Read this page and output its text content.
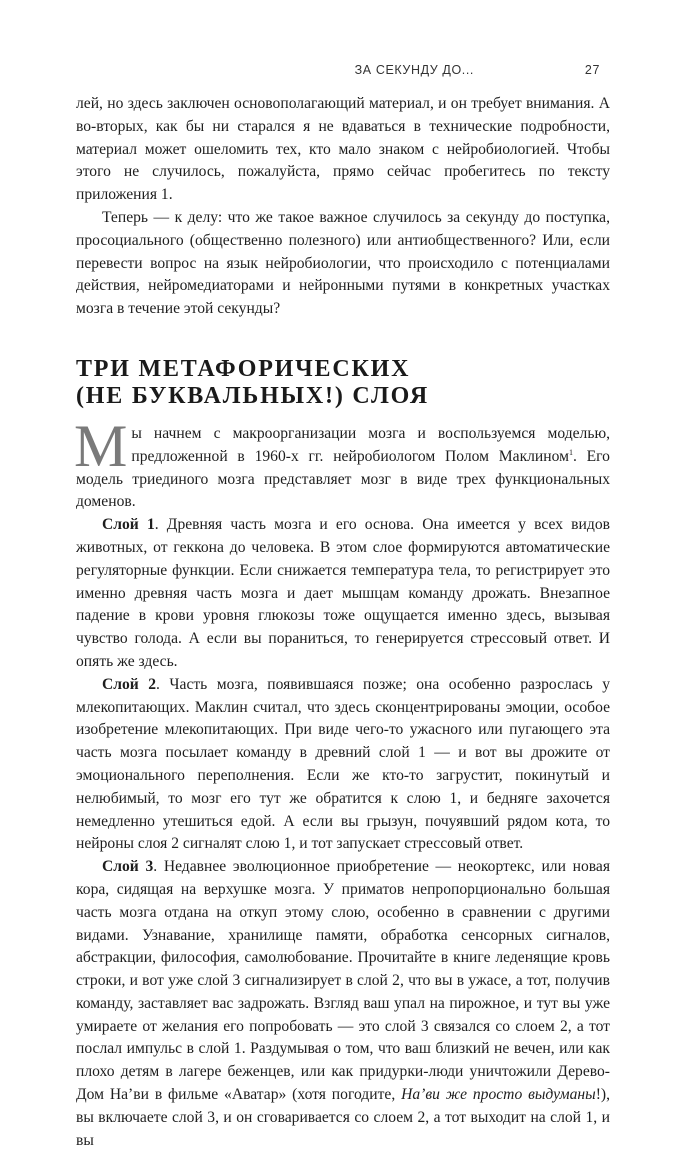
ЗА СЕКУНДУ ДО...	27

лей, но здесь заключен основополагающий материал, и он требует внимания. А во-вторых, как бы ни старался я не вдаваться в технические подробности, материал может ошеломить тех, кто мало знаком с нейробиологией. Чтобы этого не случилось, пожалуйста, прямо сейчас пробегитесь по тексту приложения 1.

Теперь — к делу: что же такое важное случилось за секунду до поступка, просоциального (общественно полезного) или антиобщественного? Или, если перевести вопрос на язык нейробиологии, что происходило с потенциалами действия, нейромедиаторами и нейронными путями в конкретных участках мозга в течение этой секунды?

ТРИ МЕТАФОРИЧЕСКИХ
(НЕ БУКВАЛЬНЫХ!) СЛОЯ

Мы начнем с макроорганизации мозга и воспользуемся моделью, предложенной в 1960-х гг. нейробиологом Полом Маклином$^1$. Его модель триединого мозга представляет мозг в виде трех функциональных доменов.

Слой 1. Древняя часть мозга и его основа. Она имеется у всех видов животных, от геккона до человека. В этом слое формируются автоматические регуляторные функции. Если снижается температура тела, то регистрирует это именно древняя часть мозга и дает мышцам команду дрожать. Внезапное падение в крови уровня глюкозы тоже ощущается именно здесь, вызывая чувство голода. А если вы пораниться, то генерируется стрессовый ответ. И опять же здесь.

Слой 2. Часть мозга, появившаяся позже; она особенно разрослась у млекопитающих. Маклин считал, что здесь сконцентрированы эмоции, особое изобретение млекопитающих. При виде чего-то ужасного или пугающего эта часть мозга посылает команду в древний слой 1 — и вот вы дрожите от эмоционального переполнения. Если же кто-то загрустит, покинутый и нелюбимый, то мозг его тут же обратится к слою 1, и бедняге захочется немедленно утешиться едой. А если вы грызун, почуявший рядом кота, то нейроны слоя 2 сигналят слою 1, и тот запускает стрессовый ответ.

Слой 3. Недавнее эволюционное приобретение — неокортекс, или новая кора, сидящая на верхушке мозга. У приматов непропорционально большая часть мозга отдана на откуп этому слою, особенно в сравнении с другими видами. Узнавание, хранилище памяти, обработка сенсорных сигналов, абстракции, философия, самолюбование. Прочитайте в книге леденящие кровь строки, и вот уже слой 3 сигнализирует в слой 2, что вы в ужасе, а тот, получив команду, заставляет вас задрожать. Взгляд ваш упал на пирожное, и тут вы уже умираете от желания его попробовать — это слой 3 связался со слоем 2, а тот послал импульс в слой 1. Раздумывая о том, что ваш близкий не вечен, или как плохо детям в лагере беженцев, или как придурки-люди уничтожили Дерево-Дом На’ви в фильме «Аватар» (хотя погодите, На’ви же просто выдуманы!), вы включаете слой 3, и он сговаривается со слоем 2, а тот выходит на слой 1, и вы
